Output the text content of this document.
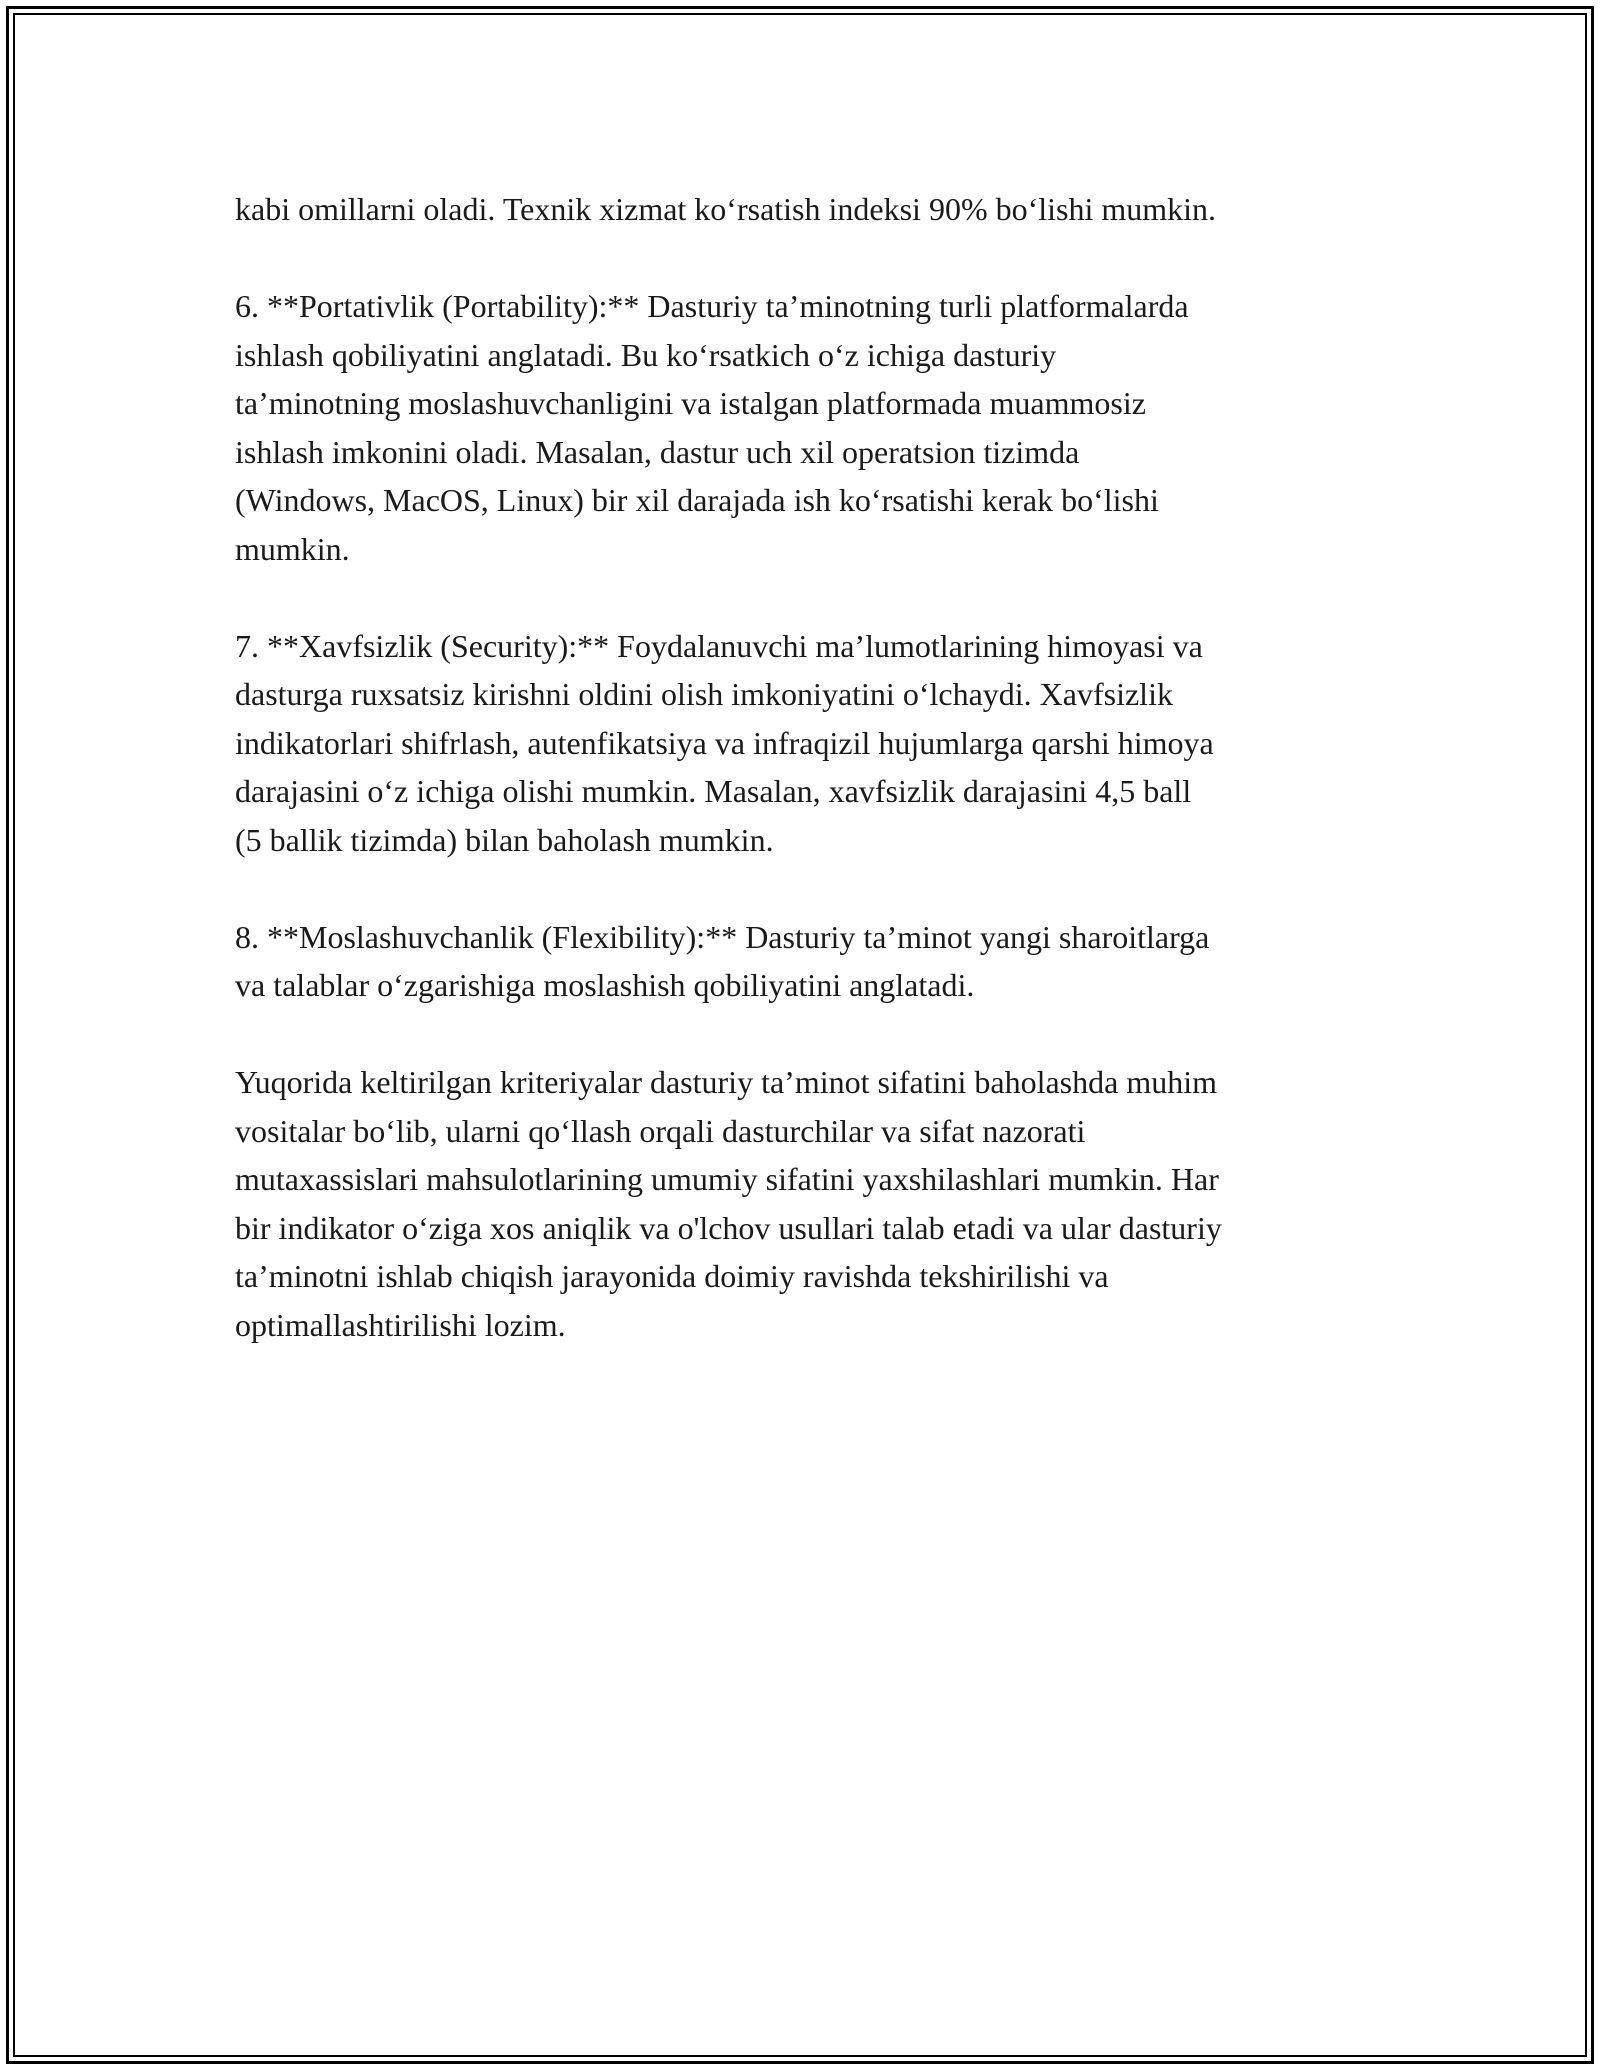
kabi omillarni oladi. Texnik xizmat ko‘rsatish indeksi 90% bo‘lishi mumkin.

6. **Portativlik (Portability):** Dasturiy ta’minotning turli platformalarda
ishlash qobiliyatini anglatadi. Bu ko‘rsatkich o‘z ichiga dasturiy
ta’minotning moslashuvchanligini va istalgan platformada muammosiz
ishlash imkonini oladi. Masalan, dastur uch xil operatsion tizimda
(Windows, MacOS, Linux) bir xil darajada ish ko‘rsatishi kerak bo‘lishi
mumkin.

7. **Xavfsizlik (Security):** Foydalanuvchi ma’lumotlarining himoyasi va
dasturga ruxsatsiz kirishni oldini olish imkoniyatini o‘lchaydi. Xavfsizlik
indikatorlari shifrlash, autenfikatsiya va infraqizil hujumlarga qarshi himoya
darajasini o‘z ichiga olishi mumkin. Masalan, xavfsizlik darajasini 4,5 ball
(5 ballik tizimda) bilan baholash mumkin.

8. **Moslashuvchanlik (Flexibility):** Dasturiy ta’minot yangi sharoitlarga
va talablar o‘zgarishiga moslashish qobiliyatini anglatadi.

Yuqorida keltirilgan kriteriyalar dasturiy ta’minot sifatini baholashda muhim
vositalar bo‘lib, ularni qo‘llash orqali dasturchilar va sifat nazorati
mutaxassislari mahsulotlarining umumiy sifatini yaxshilashlari mumkin. Har
bir indikator o‘ziga xos aniqlik va o'lchov usullari talab etadi va ular dasturiy
ta’minotni ishlab chiqish jarayonida doimiy ravishda tekshirilishi va
optimallashtirilishi lozim.
